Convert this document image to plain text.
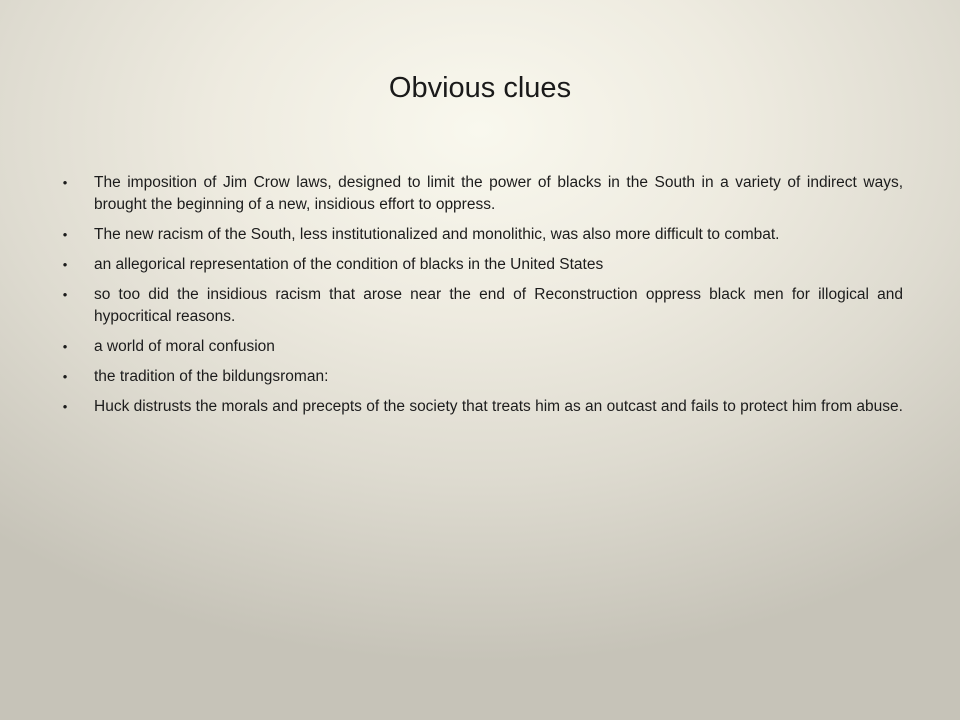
Obvious clues
• The imposition of Jim Crow laws, designed to limit the power of blacks in the South in a variety of indirect ways, brought the beginning of a new, insidious effort to oppress.
• The new racism of the South, less institutionalized and monolithic, was also more difficult to combat.
• an allegorical representation of the condition of blacks in the United States
• so too did the insidious racism that arose near the end of Reconstruction oppress black men for illogical and hypocritical reasons.
• a world of moral confusion
• the tradition of the bildungsroman:
• Huck distrusts the morals and precepts of the society that treats him as an outcast and fails to protect him from abuse.
